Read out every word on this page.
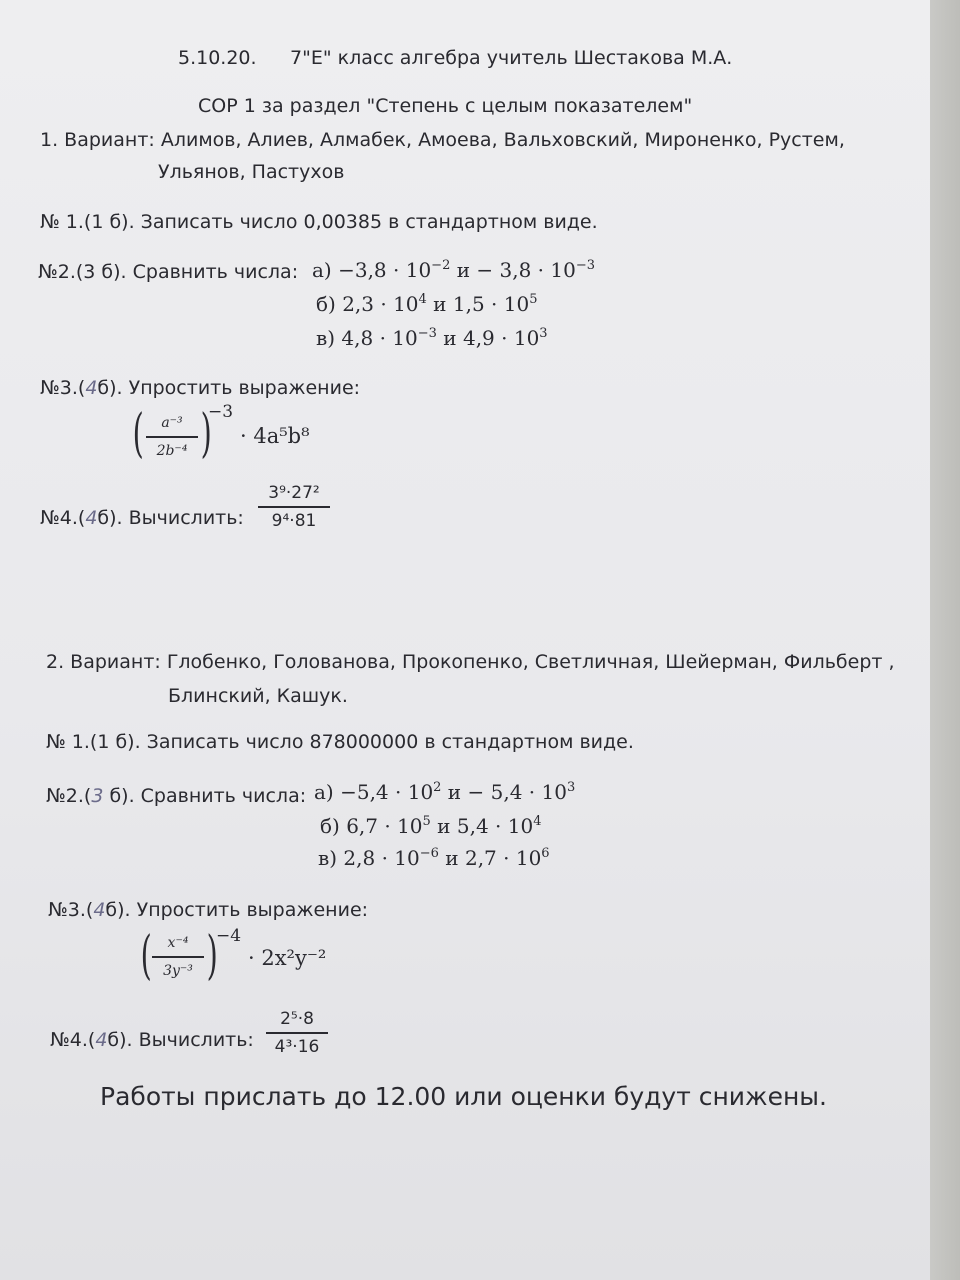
5.10.20. 7"Е" класс алгебра учитель Шестакова М.А.
СОР 1 за раздел "Степень с целым показателем"
1. Вариант: Алимов, Алиев, Алмабек, Амоева, Вальховский, Мироненко, Рустем,
Ульянов, Пастухов
№ 1.(1 б). Записать число 0,00385 в стандартном виде.
№2.(3 б). Сравнить числа: $а) -3,8 \cdot 10^{-2}$ $и - 3,8 \cdot 10^{-3}$
б) $2,3 \cdot 10^4$ и $1,5 \cdot 10^5$
в) $4,8 \cdot 10^{-3}$ и $4,9 \cdot 10^3$
№3.(4б). Упростить выражение:
(	a⁻³
2b⁻⁴ )
−3
· 4a⁵b⁸
№4.(4б). Вычислить:
3⁹·27²
9⁴·81
2. Вариант: Глобенко, Голованова, Прокопенко, Светличная, Шейерман, Фильберт ,
Блинский, Кашук.
№ 1.(1 б). Записать число 878000000 в стандартном виде.
№2.(3 б). Сравнить числа: $а) -5,4 \cdot 10^2$ $и - 5,4 \cdot 10^3$
б) $6,7 \cdot 10^5$ и $5,4 \cdot 10^4$
в) $2,8 \cdot 10^{-6}$ и $2,7 \cdot 10^6$
№3.(4б). Упростить выражение:
(	x⁻⁴
3y⁻³ )
−4
· 2x²y⁻²
№4.(4б). Вычислить:
2⁵·8
4³·16
Работы прислать до 12.00 или оценки будут снижены.
